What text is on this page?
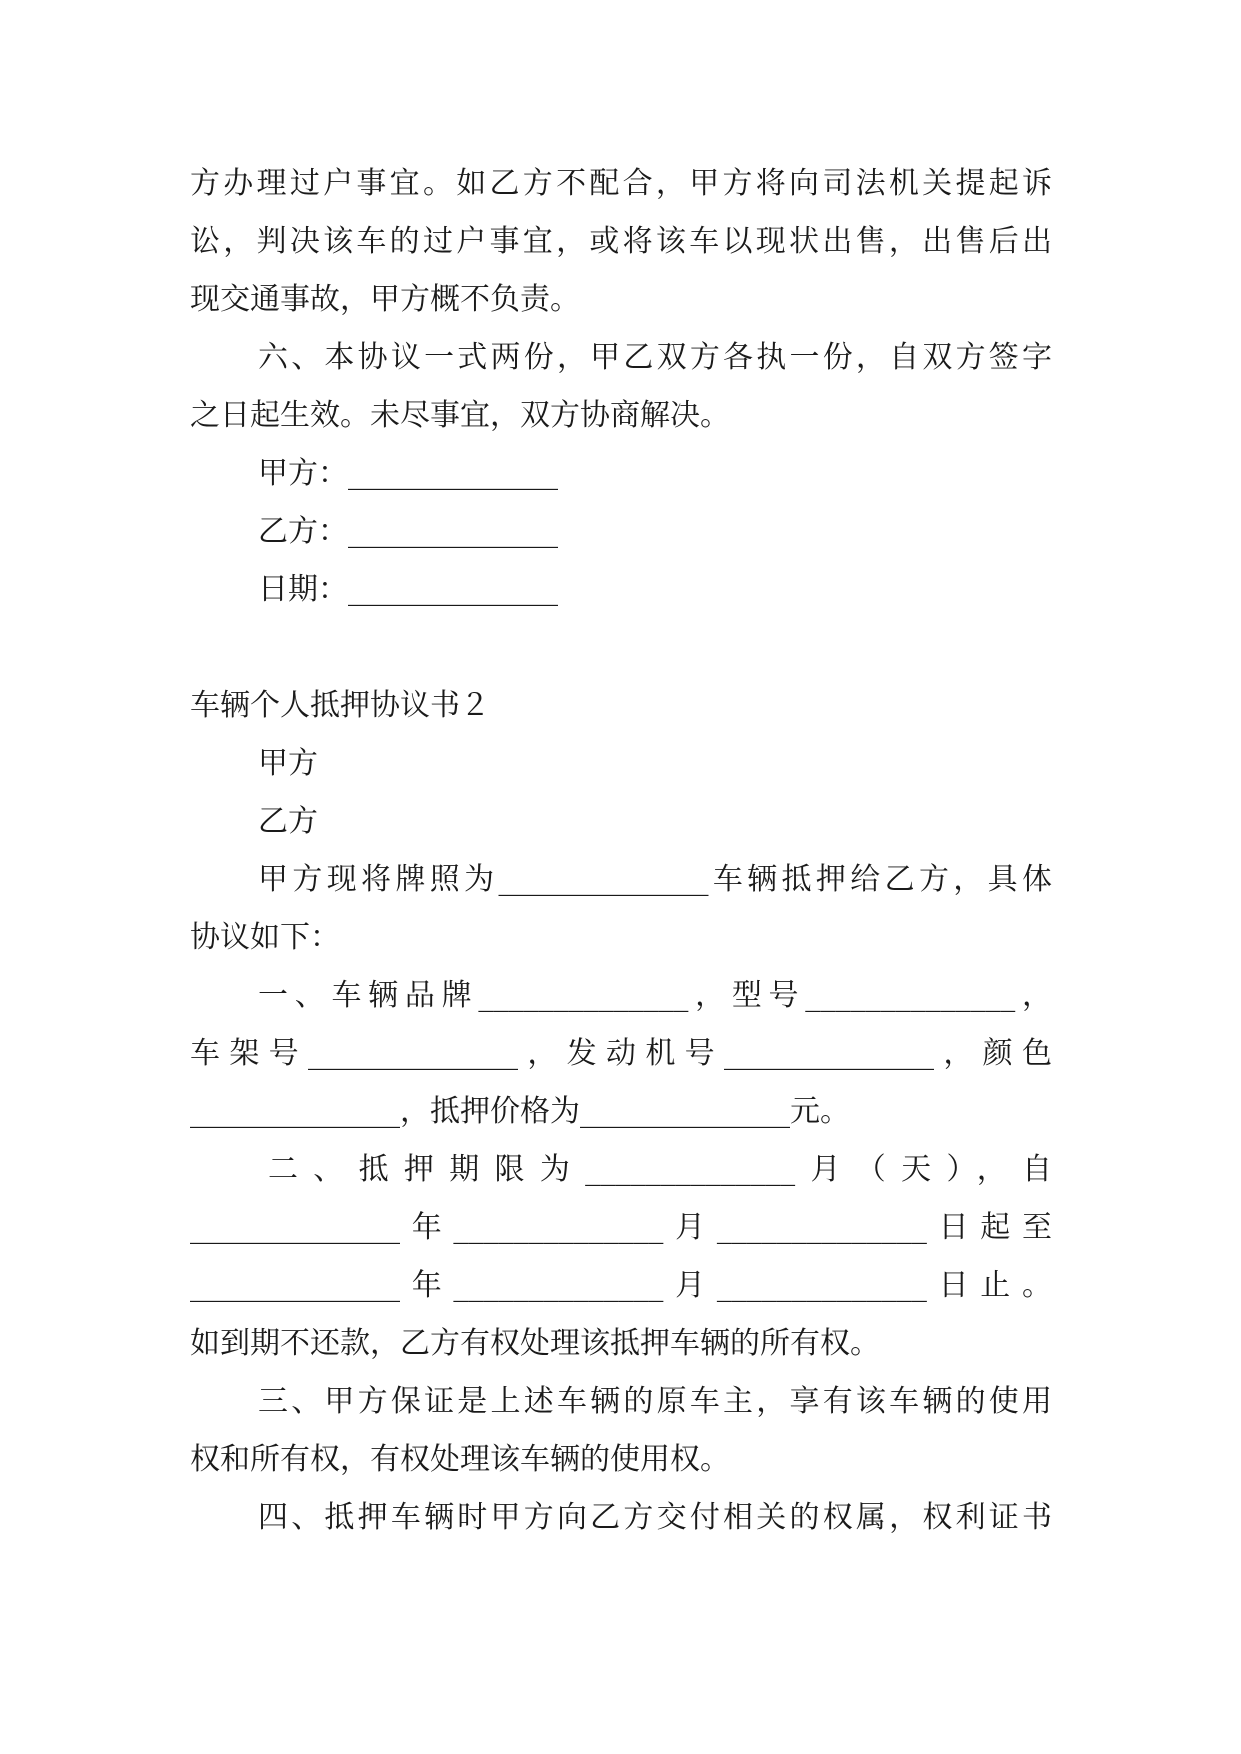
方办理过户事宜。如乙方不配合，甲方将向司法机关提起诉
讼，判决该车的过户事宜，或将该车以现状出售，出售后出
现交通事故，甲方概不负责。
六、本协议一式两份，甲乙双方各执一份，自双方签字
之日起生效。未尽事宜，双方协商解决。
甲方：______________
乙方：______________
日期：______________
车辆个人抵押协议书２
甲方
乙方
甲方现将牌照为______________车辆抵押给乙方，具体
协议如下：
一、车辆品牌______________，型号______________，
车架号______________，发动机号______________，颜色
______________，抵押价格为______________元。
二、抵押期限为______________月（天），自
______________年______________月______________日起至
______________年______________月______________日止。
如到期不还款，乙方有权处理该抵押车辆的所有权。
三、甲方保证是上述车辆的原车主，享有该车辆的使用
权和所有权，有权处理该车辆的使用权。
四、抵押车辆时甲方向乙方交付相关的权属，权利证书
